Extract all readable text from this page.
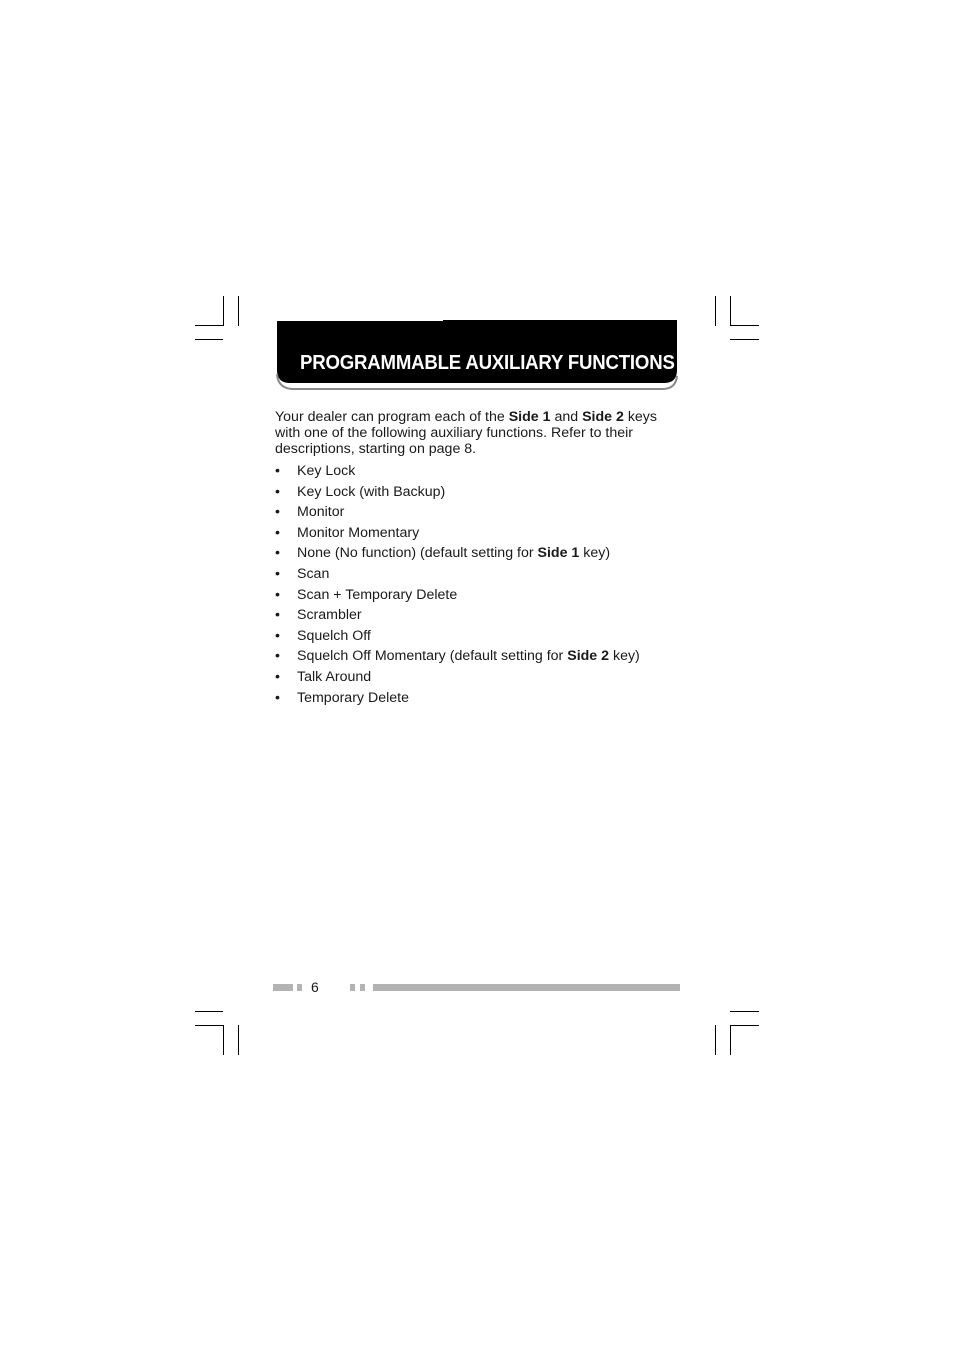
PROGRAMMABLE AUXILIARY FUNCTIONS

Your dealer can program each of the Side 1 and Side 2 keys with one of the following auxiliary functions. Refer to their descriptions, starting on page 8.

• Key Lock
• Key Lock (with Backup)
• Monitor
• Monitor Momentary
• None (No function) (default setting for Side 1 key)
• Scan
• Scan + Temporary Delete
• Scrambler
• Squelch Off
• Squelch Off Momentary (default setting for Side 2 key)
• Talk Around
• Temporary Delete
6
